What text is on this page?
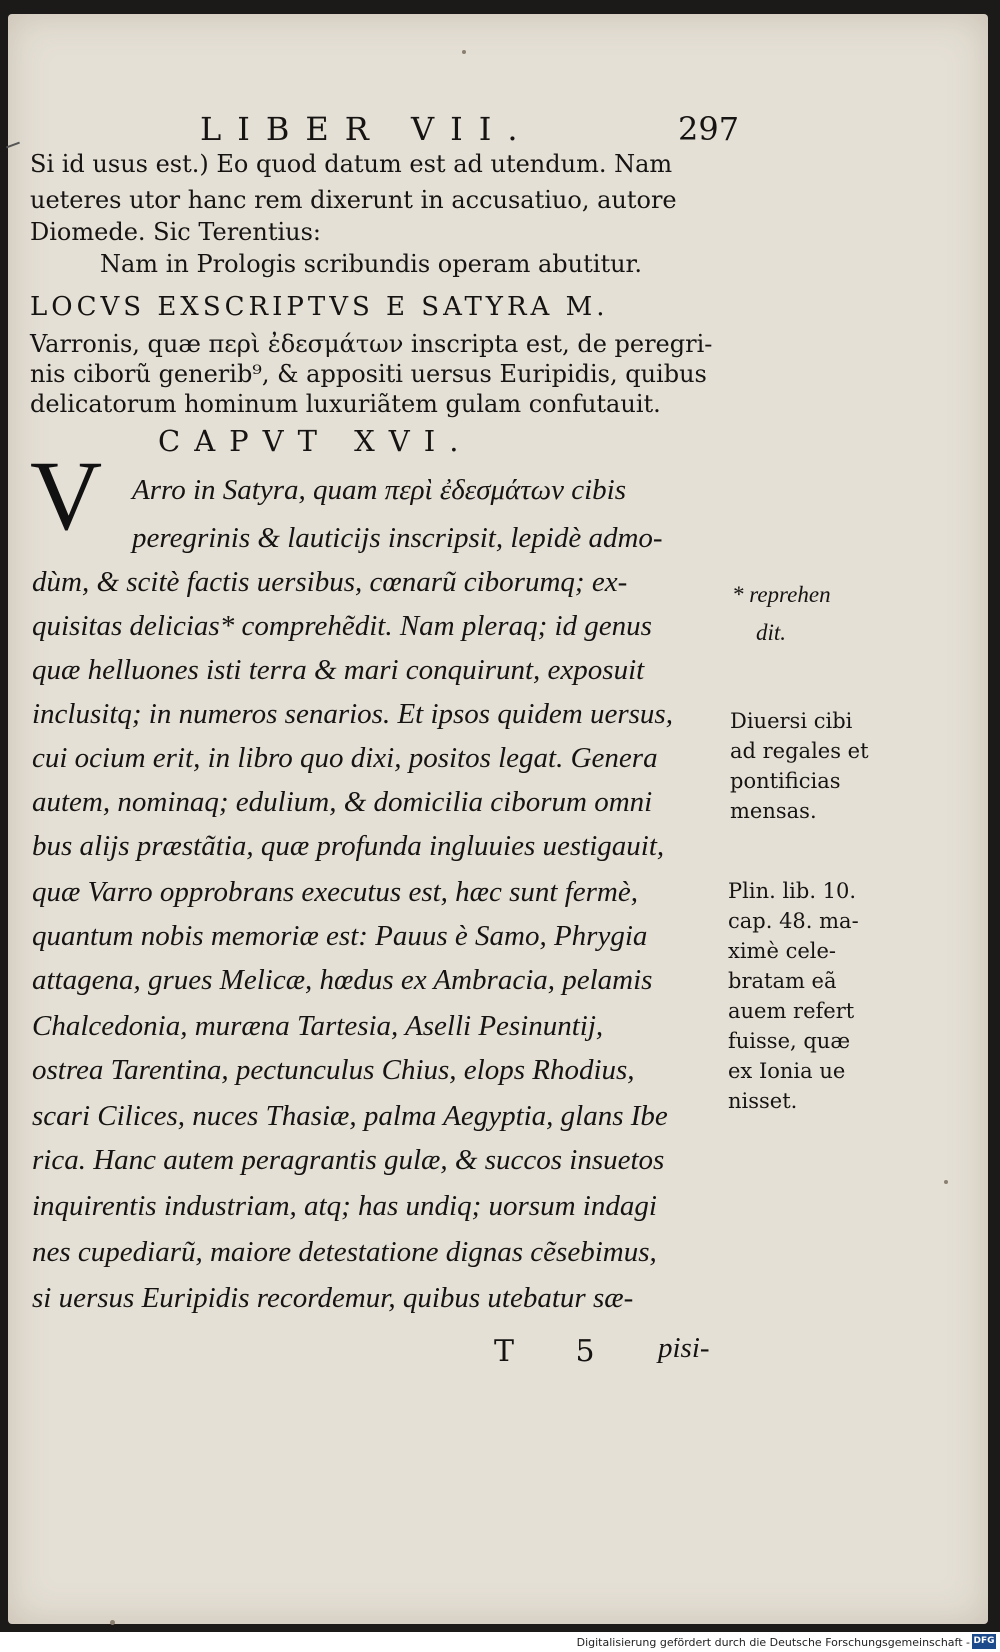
LIBER VII.	297
Si id usus est.) Eo quod datum est ad utendum. Nam
ueteres utor hanc rem dixerunt in accusatiuo, autore
Diomede. Sic Terentius:
Nam in Prologis scribundis operam abutitur.
LOCVS EXSCRIPTVS E SATYRA M.
Varronis, quæ περὶ ἐδεσμάτων inscripta est, de peregri-
nis ciborũ generib⁹, & appositi uersus Euripidis, quibus
delicatorum hominum luxuriãtem gulam confutauit.
CAPVT XVI.
V Arro in Satyra, quam περὶ ἐδεσμάτων cibis
peregrinis & lauticijs inscripsit, lepidè admo-
dùm, & scitè factis uersibus, cœnarũ ciborumq; ex-
quisitas delicias* comprehẽdit. Nam pleraq; id genus
quæ helluones isti terra & mari conquirunt, exposuit
inclusitq; in numeros senarios. Et ipsos quidem uersus,
cui ocium erit, in libro quo dixi, positos legat. Genera
autem, nominaq; edulium, & domicilia ciborum omni
bus alijs præstãtia, quæ profunda ingluuies uestigauit,
quæ Varro opprobrans executus est, hæc sunt fermè,
quantum nobis memoriæ est: Pauus è Samo, Phrygia
attagena, grues Melicæ, hœdus ex Ambracia, pelamis
Chalcedonia, muræna Tartesia, Aselli Pesinuntij,
ostrea Tarentina, pectunculus Chius, elops Rhodius,
scari Cilices, nuces Thasiæ, palma Aegyptia, glans Ibe
rica. Hanc autem peragrantis gulæ, & succos insuetos
inquirentis industriam, atq; has undiq; uorsum indagi
nes cupediarũ, maiore detestatione dignas cẽsebimus,
si uersus Euripidis recordemur, quibus utebatur sæ-
T 5 pisi-
* reprehen
dit.
Diuersi cibi
ad regales et
pontificias
mensas.
Plin. lib. 10.
cap. 48. ma-
ximè cele-
bratam eã
auem refert
fuisse, quæ
ex Ionia ue
nisset.
Digitalisierung gefördert durch die Deutsche Forschungsgemeinschaft - DFG
